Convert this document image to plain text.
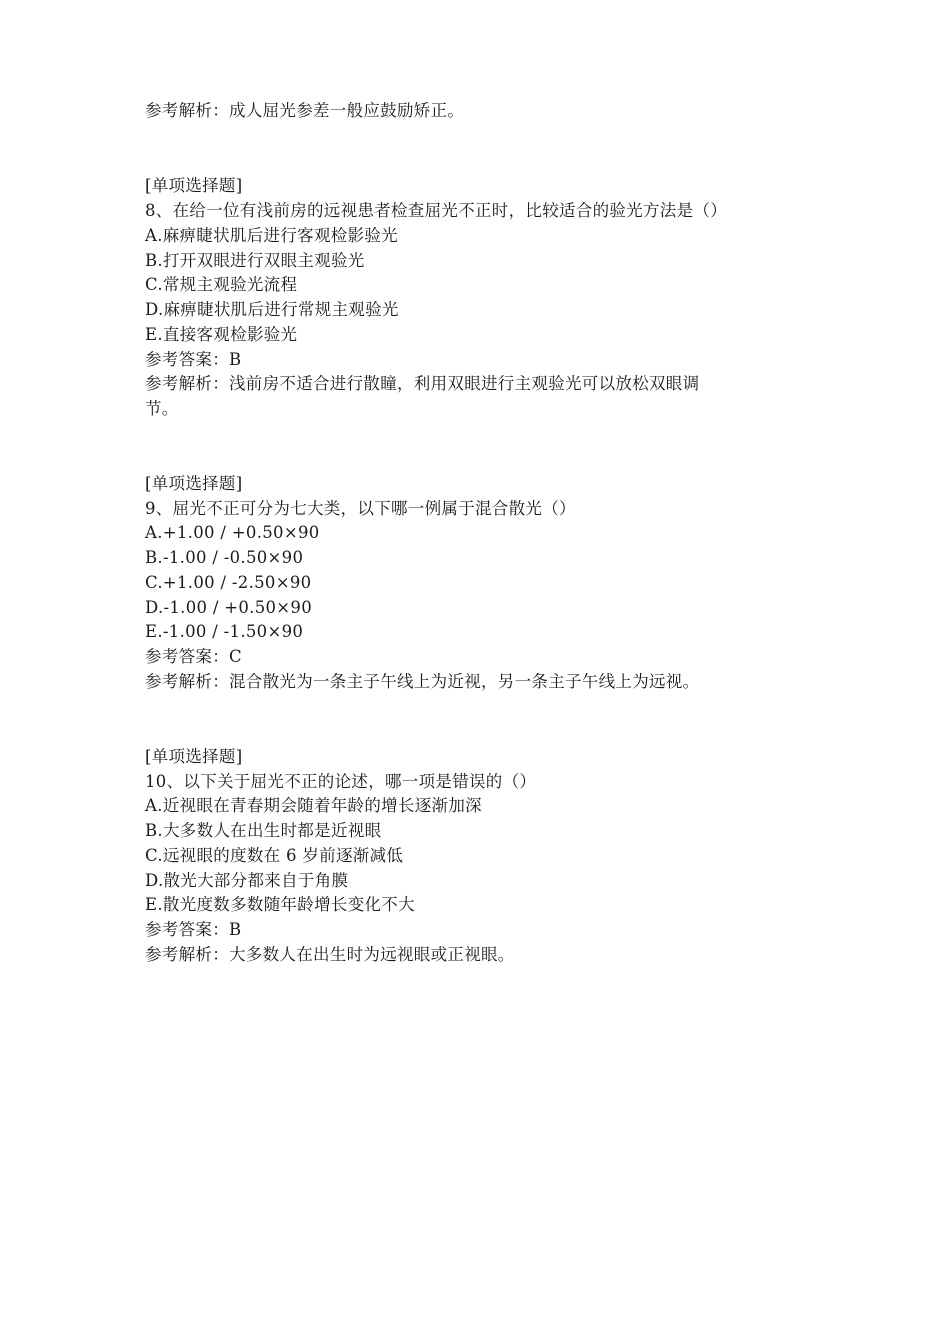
参考解析：成人屈光参差一般应鼓励矫正。
[单项选择题]
8、在给一位有浅前房的远视患者检查屈光不正时，比较适合的验光方法是（）
A.麻痹睫状肌后进行客观检影验光
B.打开双眼进行双眼主观验光
C.常规主观验光流程
D.麻痹睫状肌后进行常规主观验光
E.直接客观检影验光
参考答案：B
参考解析：浅前房不适合进行散瞳，利用双眼进行主观验光可以放松双眼调
节。
[单项选择题]
9、屈光不正可分为七大类，以下哪一例属于混合散光（）
A.+1.00 / +0.50×90
B.-1.00 / -0.50×90
C.+1.00 / -2.50×90
D.-1.00 / +0.50×90
E.-1.00 / -1.50×90
参考答案：C
参考解析：混合散光为一条主子午线上为近视，另一条主子午线上为远视。
[单项选择题]
10、以下关于屈光不正的论述，哪一项是错误的（）
A.近视眼在青春期会随着年龄的增长逐渐加深
B.大多数人在出生时都是近视眼
C.远视眼的度数在 6 岁前逐渐减低
D.散光大部分都来自于角膜
E.散光度数多数随年龄增长变化不大
参考答案：B
参考解析：大多数人在出生时为远视眼或正视眼。
